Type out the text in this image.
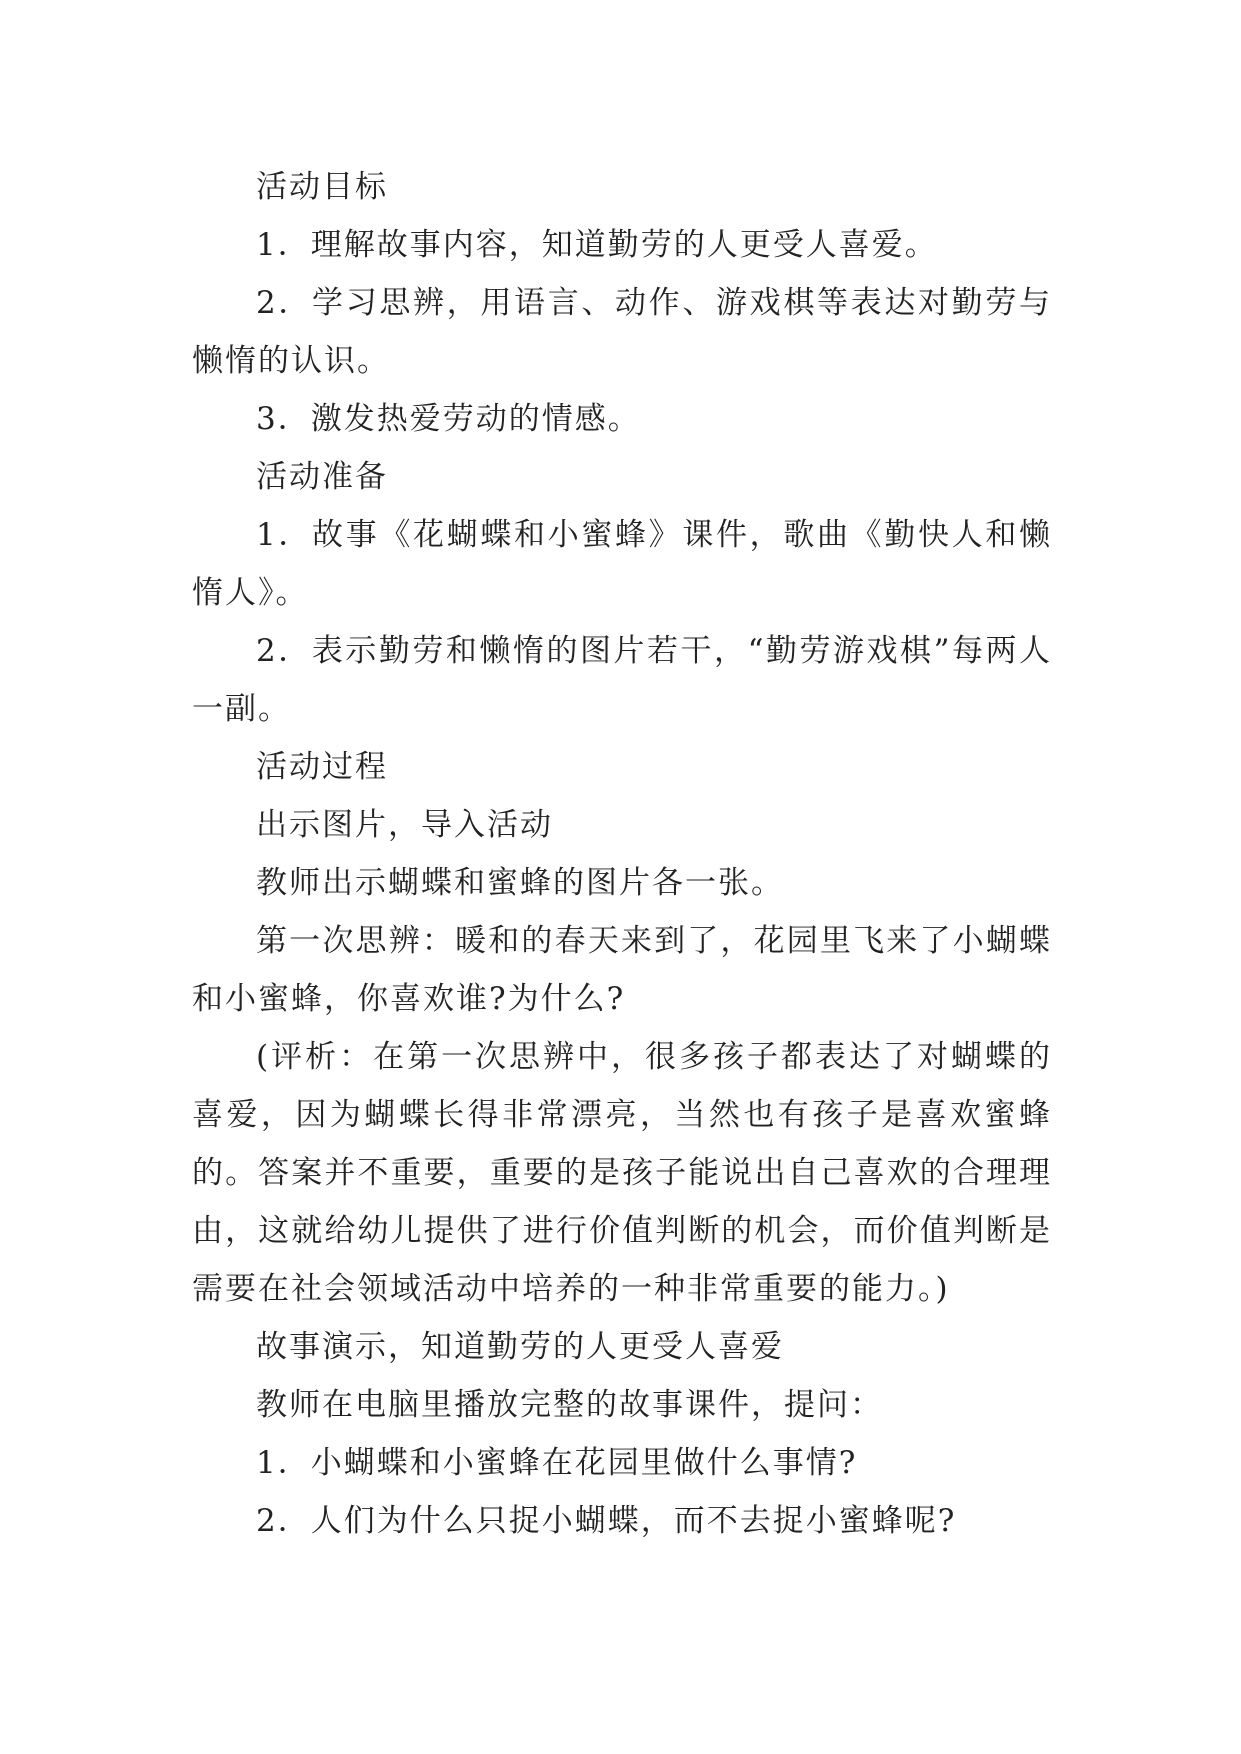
活动目标

1．理解故事内容，知道勤劳的人更受人喜爱。

2．学习思辨，用语言、动作、游戏棋等表达对勤劳与懒惰的认识。

3．激发热爱劳动的情感。

活动准备

1．故事《花蝴蝶和小蜜蜂》课件，歌曲《勤快人和懒惰人》。

2．表示勤劳和懒惰的图片若干，“勤劳游戏棋”每两人一副。

活动过程

出示图片，导入活动

教师出示蝴蝶和蜜蜂的图片各一张。

第一次思辨：暖和的春天来到了，花园里飞来了小蝴蝶和小蜜蜂，你喜欢谁?为什么?

(评析：在第一次思辨中，很多孩子都表达了对蝴蝶的喜爱，因为蝴蝶长得非常漂亮，当然也有孩子是喜欢蜜蜂的。答案并不重要，重要的是孩子能说出自己喜欢的合理理由，这就给幼儿提供了进行价值判断的机会，而价值判断是需要在社会领域活动中培养的一种非常重要的能力。)

故事演示，知道勤劳的人更受人喜爱

教师在电脑里播放完整的故事课件，提问：

1．小蝴蝶和小蜜蜂在花园里做什么事情?

2．人们为什么只捉小蝴蝶，而不去捉小蜜蜂呢?
